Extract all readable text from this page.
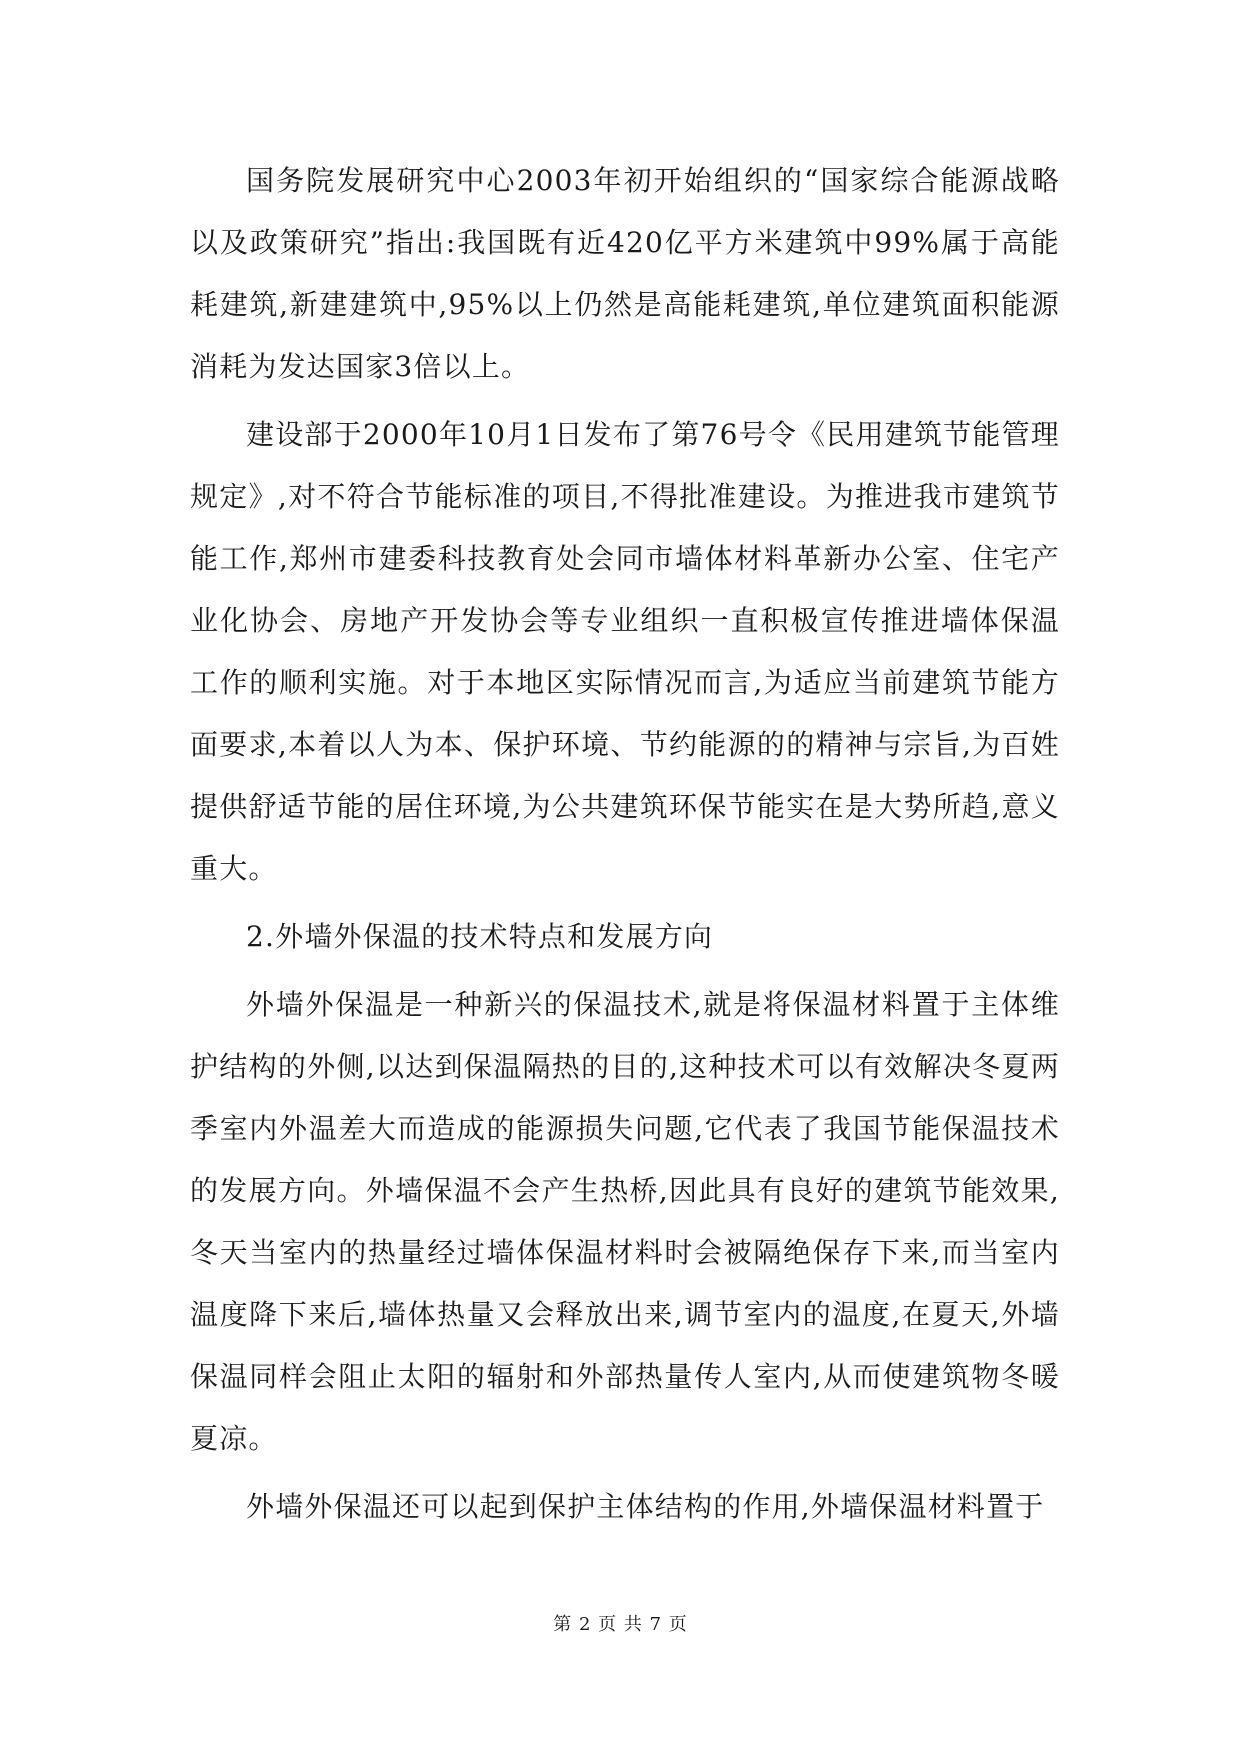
国务院发展研究中心2003年初开始组织的“国家综合能源战略以及政策研究”指出:我国既有近420亿平方米建筑中99%属于高能耗建筑,新建建筑中,95%以上仍然是高能耗建筑,单位建筑面积能源消耗为发达国家3倍以上。

建设部于2000年10月1日发布了第76号令《民用建筑节能管理规定》,对不符合节能标准的项目,不得批准建设。为推进我市建筑节能工作,郑州市建委科技教育处会同市墙体材料革新办公室、住宅产业化协会、房地产开发协会等专业组织一直积极宣传推进墙体保温工作的顺利实施。对于本地区实际情况而言,为适应当前建筑节能方面要求,本着以人为本、保护环境、节约能源的的精神与宗旨,为百姓提供舒适节能的居住环境,为公共建筑环保节能实在是大势所趋,意义重大。

2.外墙外保温的技术特点和发展方向

外墙外保温是一种新兴的保温技术,就是将保温材料置于主体维护结构的外侧,以达到保温隔热的目的,这种技术可以有效解决冬夏两季室内外温差大而造成的能源损失问题,它代表了我国节能保温技术的发展方向。外墙保温不会产生热桥,因此具有良好的建筑节能效果,冬天当室内的热量经过墙体保温材料时会被隔绝保存下来,而当室内温度降下来后,墙体热量又会释放出来,调节室内的温度,在夏天,外墙保温同样会阻止太阳的辐射和外部热量传人室内,从而使建筑物冬暖夏凉。

外墙外保温还可以起到保护主体结构的作用,外墙保温材料置于

第 2 页 共 7 页
